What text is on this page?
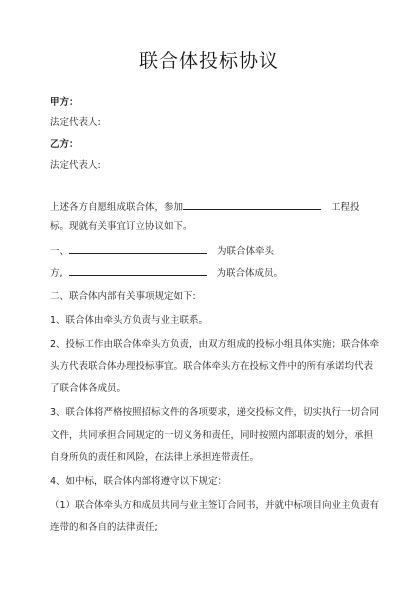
联合体投标协议
甲方：
法定代表人:
乙方：
法定代表人:
上述各方自愿组成联合体，参加	工程投
标。现就有关事宜订立协议如下。
一、	为联合体牵头
方,	为联合体成员。
二、联合体内部有关事项规定如下:
1、联合体由牵头方负责与业主联系。
2、投标工作由联合体牵头方负责，由双方组成的投标小组具体实施；联合体牵
头方代表联合体办理投标事宜。联合体牵头方在投标文件中的所有承诺均代表
了联合体各成员。
3、联合体将严格按照招标文件的各项要求，递交投标文件，切实执行一切合同
文件，共同承担合同规定的一切义务和责任，同时按照内部职责的划分，承担
自身所负的责任和风险，在法律上承担连带责任。
4、如中标，联合体内部将遵守以下规定：
（1）联合体牵头方和成员共同与业主签订合同书，并就中标项目向业主负责有
连带的和各自的法律责任;
